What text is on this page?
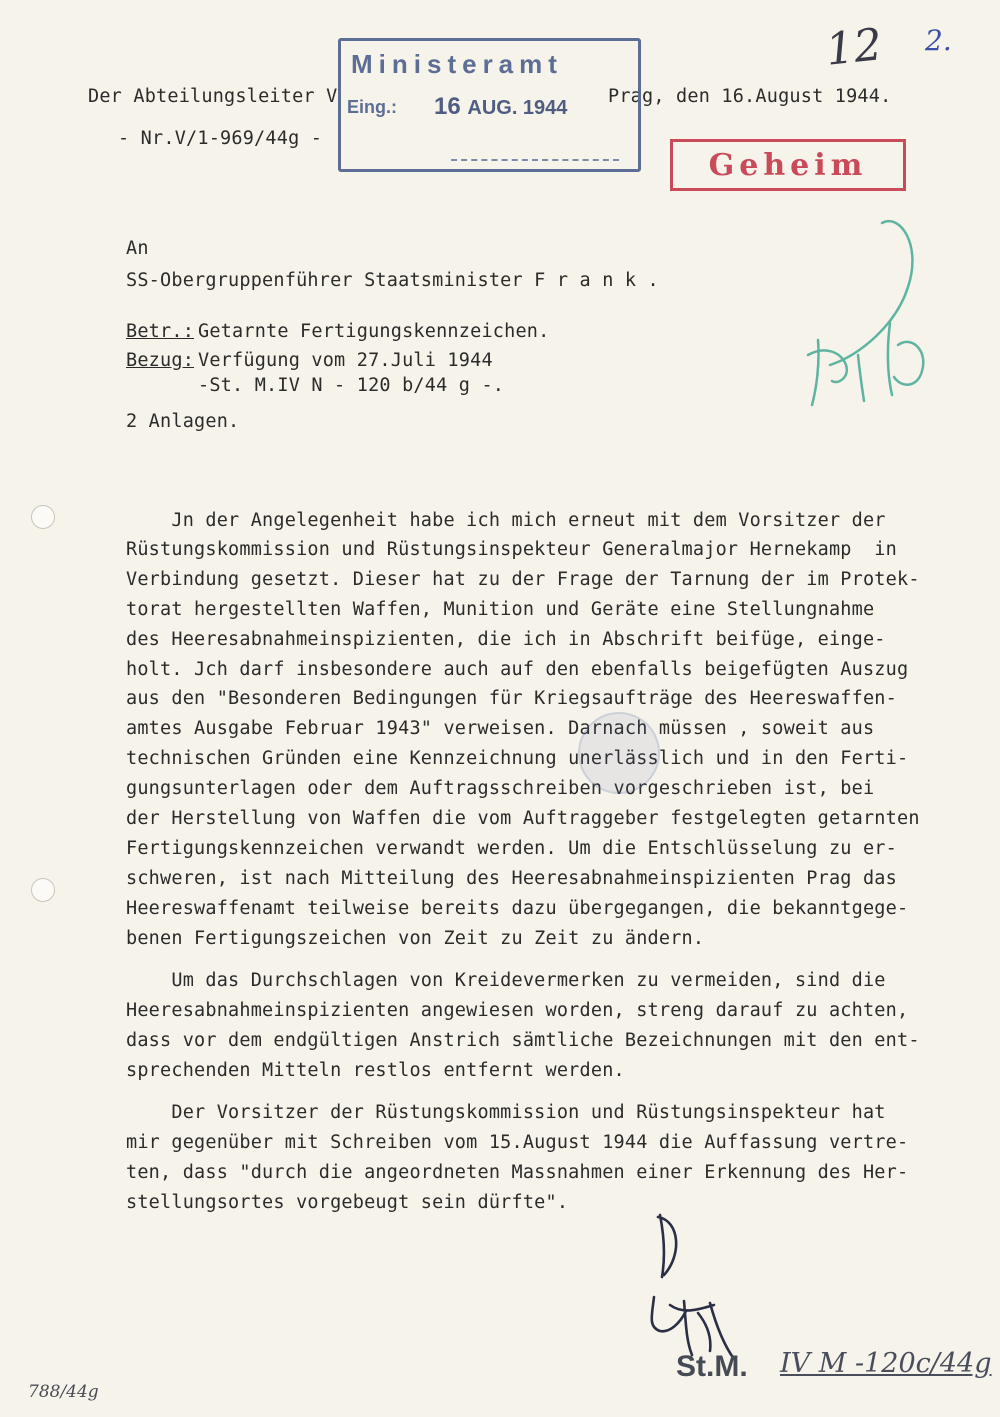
Der Abteilungsleiter V
- Nr.V/1-969/44g -
Prag, den 16.August 1944.
Ministeramt
Eing.: 16 AUG. 1944
12 2.
Geheim
An
SS-Obergruppenführer Staatsminister F r a n k .
Betr.: Getarnte Fertigungskennzeichen.
Bezug: Verfügung vom 27.Juli 1944
-St. M.IV N - 120 b/44 g -.
2 Anlagen.
Jn der Angelegenheit habe ich mich erneut mit dem Vorsitzer der
Rüstungskommission und Rüstungsinspekteur Generalmajor Hernekamp  in
Verbindung gesetzt. Dieser hat zu der Frage der Tarnung der im Protek-
torat hergestellten Waffen, Munition und Geräte eine Stellungnahme
des Heeresabnahmeinspizienten, die ich in Abschrift beifüge, einge-
holt. Jch darf insbesondere auch auf den ebenfalls beigefügten Auszug
aus den "Besonderen Bedingungen für Kriegsaufträge des Heereswaffen-
amtes Ausgabe Februar 1943" verweisen. Darnach müssen , soweit aus
technischen Gründen eine Kennzeichnung unerlässlich und in den Ferti-
gungsunterlagen oder dem Auftragsschreiben vorgeschrieben ist, bei
der Herstellung von Waffen die vom Auftraggeber festgelegten getarnten
Fertigungskennzeichen verwandt werden. Um die Entschlüsselung zu er-
schweren, ist nach Mitteilung des Heeresabnahmeinspizienten Prag das
Heereswaffenamt teilweise bereits dazu übergegangen, die bekanntgege-
benen Fertigungszeichen von Zeit zu Zeit zu ändern.
Um das Durchschlagen von Kreidevermerken zu vermeiden, sind die
Heeresabnahmeinspizienten angewiesen worden, streng darauf zu achten,
dass vor dem endgültigen Anstrich sämtliche Bezeichnungen mit den ent-
sprechenden Mitteln restlos entfernt werden.
Der Vorsitzer der Rüstungskommission und Rüstungsinspekteur hat
mir gegenüber mit Schreiben vom 15.August 1944 die Auffassung vertre-
ten, dass "durch die angeordneten Massnahmen einer Erkennung des Her-
stellungsortes vorgebeugt sein dürfte".
St.M. IV M -120c/44g
788/44g
